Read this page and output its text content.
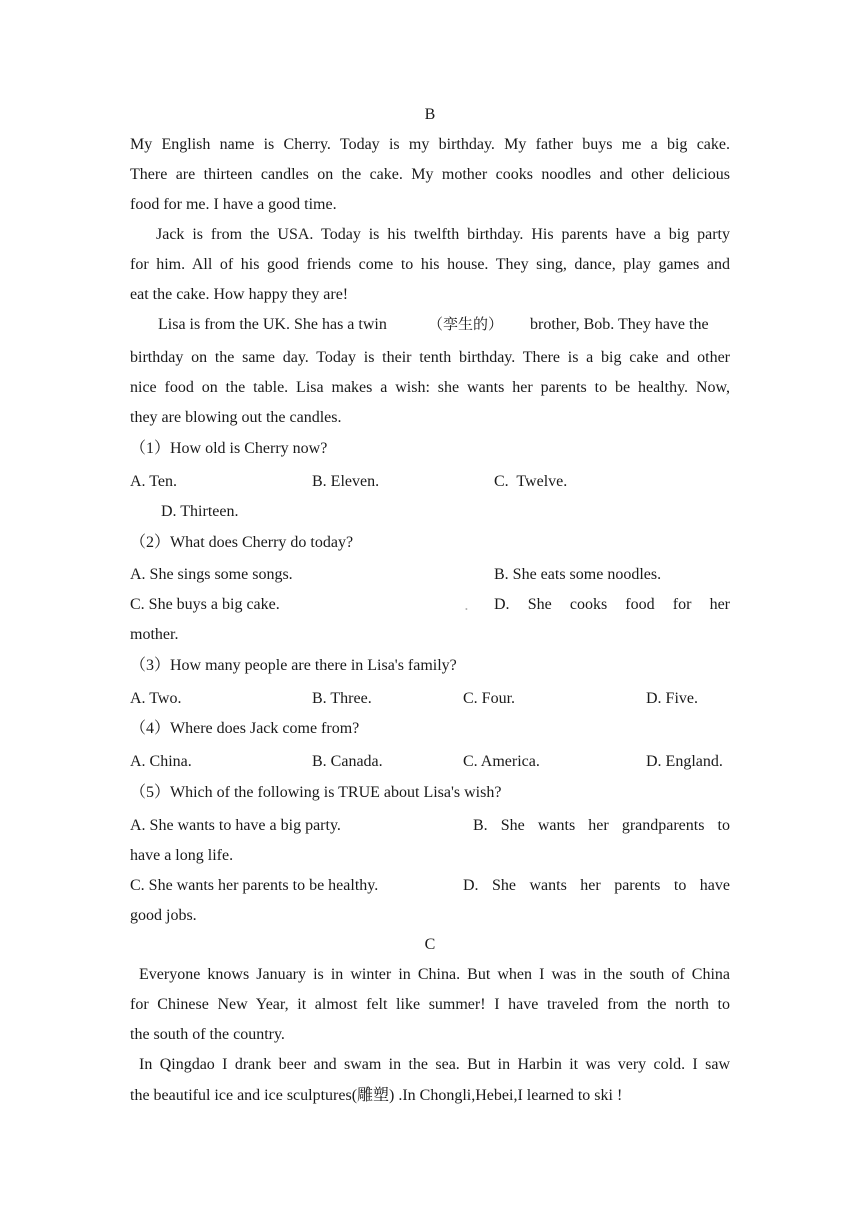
B
My English name is Cherry. Today is my birthday. My father buys me a big cake.
There are thirteen candles on the cake. My mother cooks noodles and other delicious
food for me. I have a good time.
Jack is from the USA. Today is his twelfth birthday. His parents have a big party
for him. All of his good friends come to his house. They sing, dance, play games and
eat the cake. How happy they are!
Lisa is from the UK. She has a twin	（孪生的） brother, Bob. They have the
birthday on the same day. Today is their tenth birthday. There is a big cake and other
nice food on the table. Lisa makes a wish: she wants her parents to be healthy. Now,
they are blowing out the candles.
（1）How old is Cherry now?
A. Ten.	B. Eleven.	C.  Twelve.
D. Thirteen.
（2）What does Cherry do today?
A. She sings some songs.	B. She eats some noodles.
C. She buys a big cake.	• D. She cooks food for her
mother.
（3）How many people are there in Lisa's family?
A. Two.	B. Three.	C. Four.	D. Five.
（4）Where does Jack come from?
A. China.	B. Canada.	C. America.	D. England.
（5）Which of the following is TRUE about Lisa's wish?
A. She wants to have a big party.	B. She wants her grandparents to
have a long life.
C. She wants her parents to be healthy.	D. She wants her parents to have
good jobs.
C
Everyone knows January is in winter in China. But when I was in the south of China
for Chinese New Year, it almost felt like summer! I have traveled from the north to
the south of the country.
In Qingdao I drank beer and swam in the sea. But in Harbin it was very cold. I saw
the beautiful ice and ice sculptures(雕塑) .In Chongli,Hebei,I learned to ski !
